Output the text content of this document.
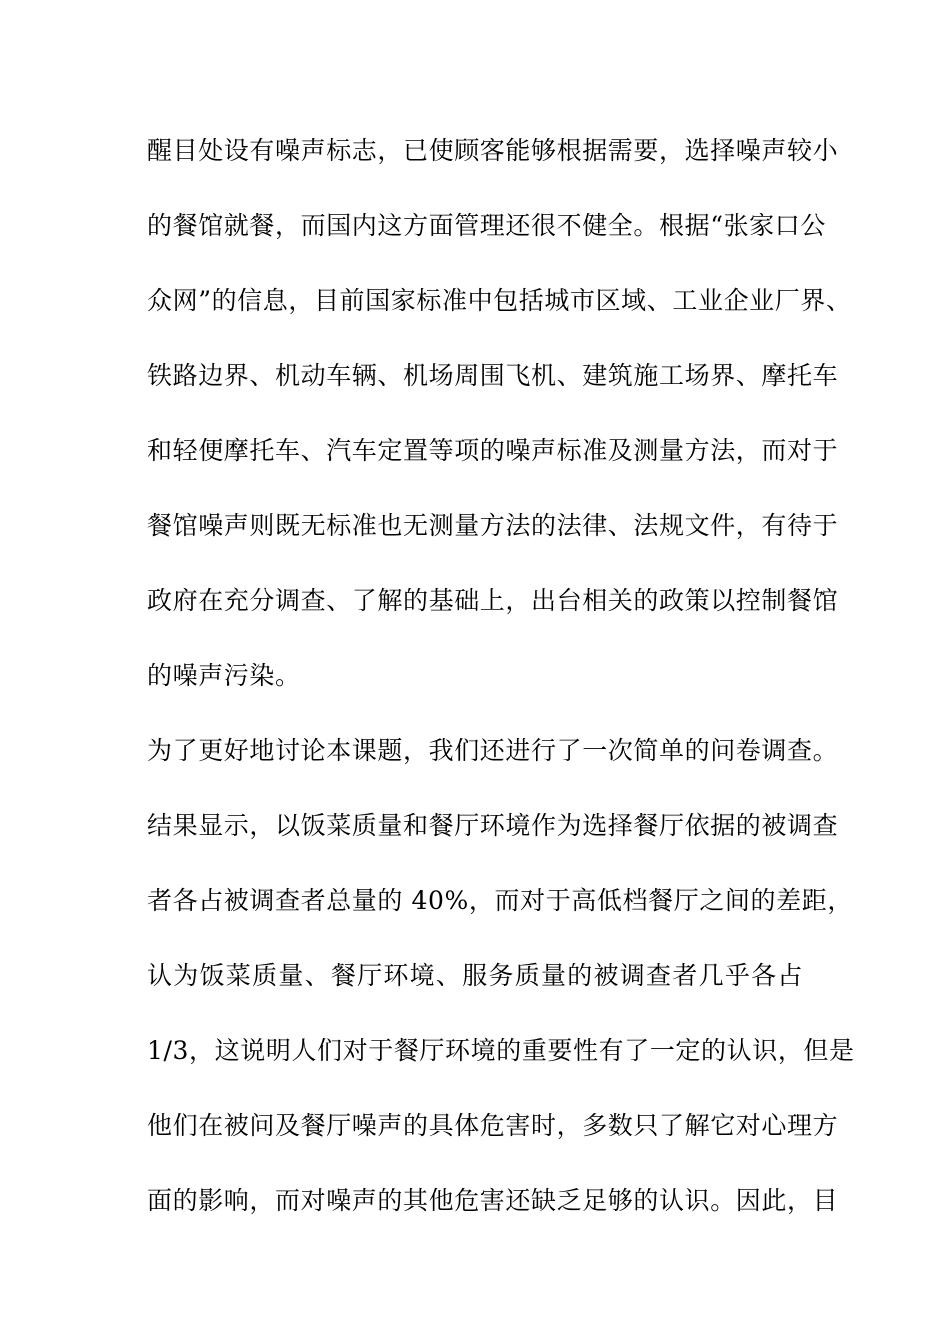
醒目处设有噪声标志，已使顾客能够根据需要，选择噪声较小
的餐馆就餐，而国内这方面管理还很不健全。根据“张家口公
众网”的信息，目前国家标准中包括城市区域、工业企业厂界、
铁路边界、机动车辆、机场周围飞机、建筑施工场界、摩托车
和轻便摩托车、汽车定置等项的噪声标准及测量方法，而对于
餐馆噪声则既无标准也无测量方法的法律、法规文件，有待于
政府在充分调查、了解的基础上，出台相关的政策以控制餐馆
的噪声污染。
为了更好地讨论本课题，我们还进行了一次简单的问卷调查。
结果显示，以饭菜质量和餐厅环境作为选择餐厅依据的被调查
者各占被调查者总量的 40%，而对于高低档餐厅之间的差距，
认为饭菜质量、餐厅环境、服务质量的被调查者几乎各占
1/3，这说明人们对于餐厅环境的重要性有了一定的认识，但是
他们在被问及餐厅噪声的具体危害时，多数只了解它对心理方
面的影响，而对噪声的其他危害还缺乏足够的认识。因此，目
